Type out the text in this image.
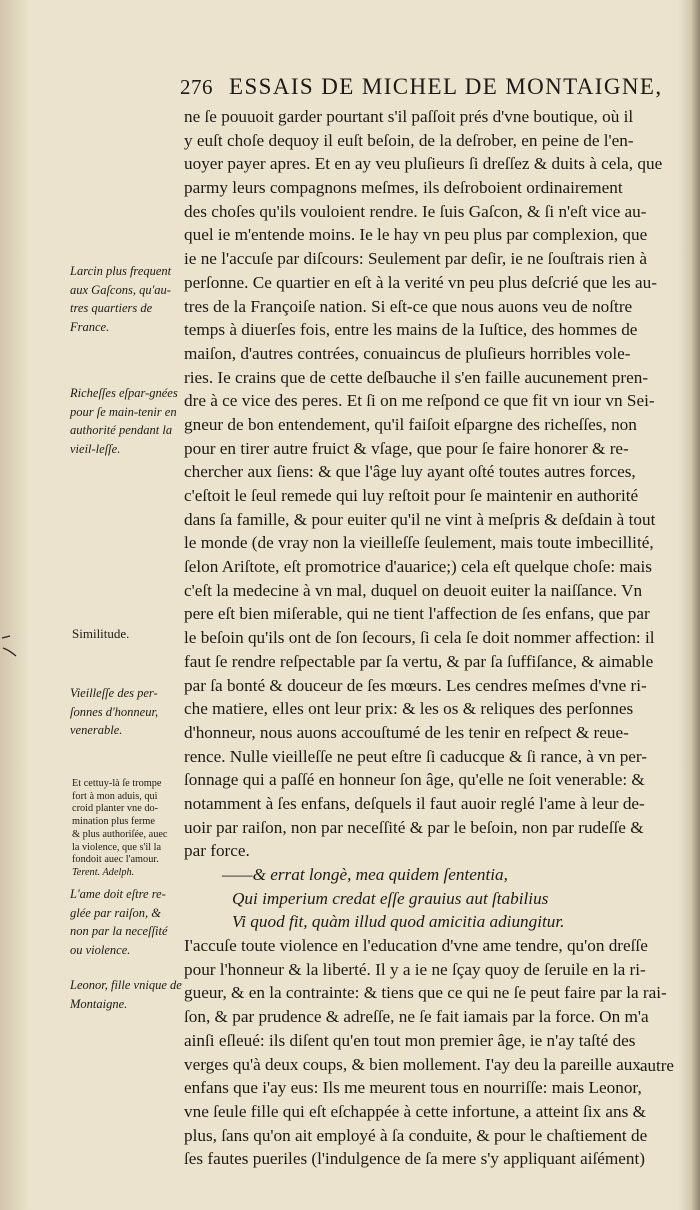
276 ESSAIS DE MICHEL DE MONTAIGNE,
ne ſe pouuoit garder pourtant s'il paſſoit prés d'vne boutique, où il
y euſt choſe dequoy il euſt beſoin, de la deſrober, en peine de l'en-
uoyer payer apres. Et en ay veu pluſieurs ſi dreſſez & duits à cela, que
parmy leurs compagnons meſmes, ils deſroboient ordinairement
des choſes qu'ils vouloient rendre. Ie ſuis Gaſcon, & ſi n'eſt vice au-
quel ie m'entende moins. Ie le hay vn peu plus par complexion, que
ie ne l'accuſe par diſcours: Seulement par deſir, ie ne ſouſtrais rien à
perſonne. Ce quartier en eſt à la verité vn peu plus deſcrié que les au-
tres de la Françoiſe nation. Si eſt-ce que nous auons veu de noſtre
temps à diuerſes fois, entre les mains de la Iuſtice, des hommes de
maiſon, d'autres contrées, conuaincus de pluſieurs horribles vole-
ries. Ie crains que de cette deſbauche il s'en faille aucunement pren-
dre à ce vice des peres. Et ſi on me reſpond ce que fit vn iour vn Sei-
gneur de bon entendement, qu'il faiſoit eſpargne des richeſſes, non
pour en tirer autre fruict & vſage, que pour ſe faire honorer & re-
chercher aux ſiens: & que l'âge luy ayant oſté toutes autres forces,
c'eſtoit le ſeul remede qui luy reſtoit pour ſe maintenir en authorité
dans ſa famille, & pour euiter qu'il ne vint à meſpris & deſdain à tout
le monde (de vray non la vieilleſſe ſeulement, mais toute imbecillité,
ſelon Ariſtote, eſt promotrice d'auarice;) cela eſt quelque choſe: mais
c'eſt la medecine à vn mal, duquel on deuoit euiter la naiſſance. Vn
pere eſt bien miſerable, qui ne tient l'affection de ſes enfans, que par
le beſoin qu'ils ont de ſon ſecours, ſi cela ſe doit nommer affection: il
faut ſe rendre reſpectable par ſa vertu, & par ſa ſuffiſance, & aimable
par ſa bonté & douceur de ſes mœurs. Les cendres meſmes d'vne ri-
che matiere, elles ont leur prix: & les os & reliques des perſonnes
d'honneur, nous auons accouſtumé de les tenir en reſpect & reue-
rence. Nulle vieilleſſe ne peut eſtre ſi caducque & ſi rance, à vn per-
ſonnage qui a paſſé en honneur ſon âge, qu'elle ne ſoit venerable: &
notamment à ſes enfans, deſquels il faut auoir reglé l'ame à leur de-
uoir par raiſon, non par neceſſité & par le beſoin, non par rudeſſe &
par force.
——& errat longè, mea quidem ſententia,
Qui imperium credat eſſe grauius aut ſtabilius
Vi quod fit, quàm illud quod amicitia adiungitur.
I'accuſe toute violence en l'education d'vne ame tendre, qu'on dreſſe
pour l'honneur & la liberté. Il y a ie ne ſçay quoy de ſeruile en la ri-
gueur, & en la contrainte: & tiens que ce qui ne ſe peut faire par la rai-
ſon, & par prudence & adreſſe, ne ſe fait iamais par la force. On m'a
ainſi eſleué: ils diſent qu'en tout mon premier âge, ie n'ay taſté des
verges qu'à deux coups, & bien mollement. I'ay deu la pareille aux
enfans que i'ay eus: Ils me meurent tous en nourriſſe: mais Leonor,
vne ſeule fille qui eſt eſchappée à cette infortune, a atteint ſix ans &
plus, ſans qu'on ait employé à ſa conduite, & pour le chaſtiement de
ſes fautes pueriles (l'indulgence de ſa mere s'y appliquant aiſément)
autre
Larcin plus frequent aux Gaſcons, qu'au-tres quartiers de France.
Richeſſes eſpar-gnées pour ſe main-tenir en authorité pendant la vieil-leſſe.
Similitude.
Vieilleſſe des per-ſonnes d'honneur, venerable.
Et cettuy-là ſe trompe
fort à mon aduis, qui
croid planter vne do-
mination plus ferme
& plus authoriſée, auec
la violence, que s'il la
fondoit auec l'amour.
Terent. Adelph.
L'ame doit eſtre re-glée par raiſon, & non par la neceſſité ou violence.
Leonor, fille vnique de Montaigne.
